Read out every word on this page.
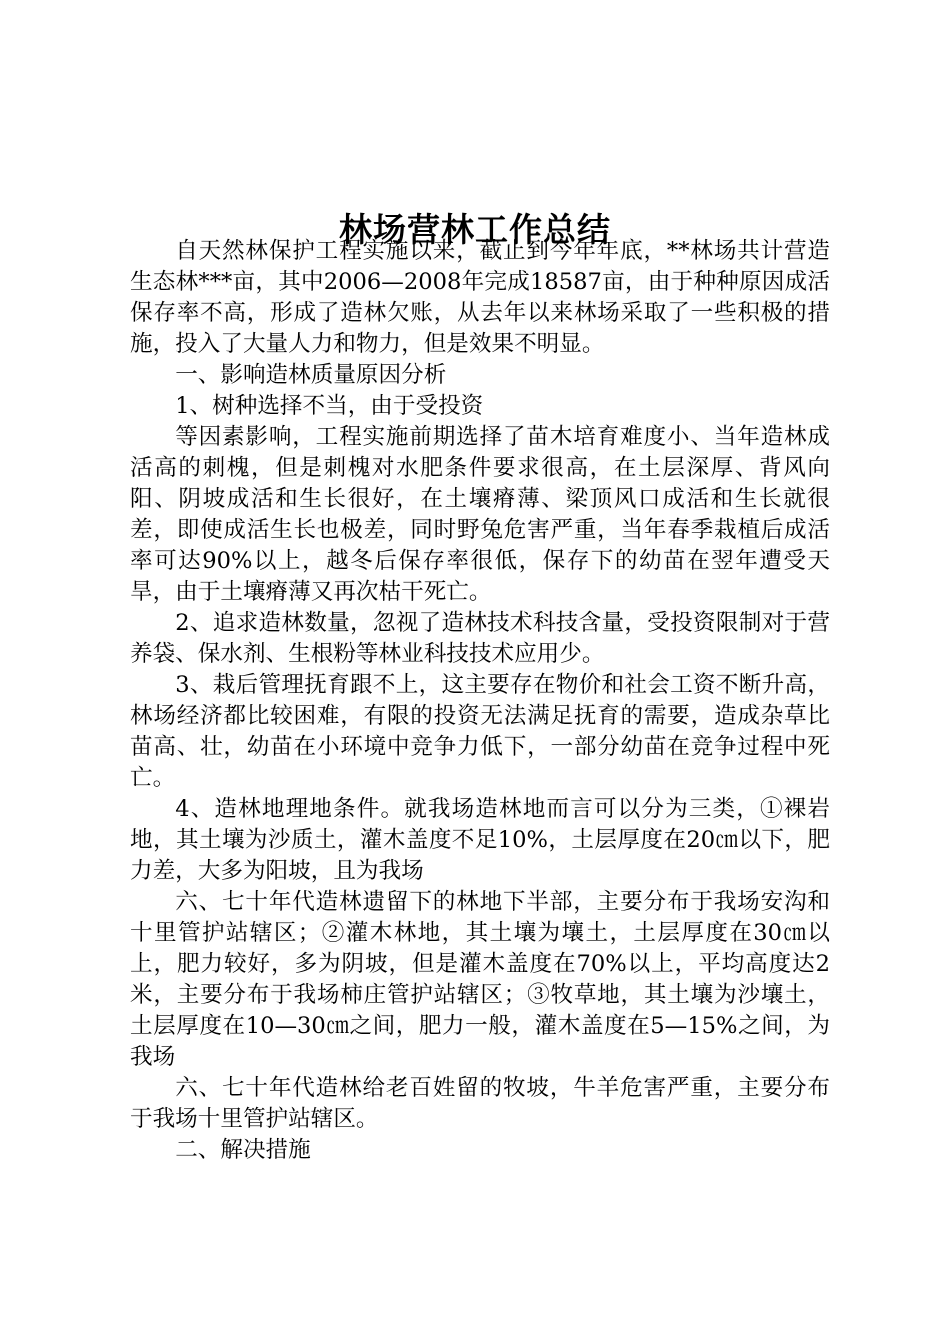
林场营林工作总结

自天然林保护工程实施以来，截止到今年年底，**林场共计营造生态林***亩，其中2006—2008年完成18587亩，由于种种原因成活保存率不高，形成了造林欠账，从去年以来林场采取了一些积极的措施，投入了大量人力和物力，但是效果不明显。

一、影响造林质量原因分析

1、树种选择不当，由于受投资

等因素影响，工程实施前期选择了苗木培育难度小、当年造林成活高的刺槐，但是刺槐对水肥条件要求很高，在土层深厚、背风向阳、阴坡成活和生长很好，在土壤瘠薄、梁顶风口成活和生长就很差，即使成活生长也极差，同时野兔危害严重，当年春季栽植后成活率可达90%以上，越冬后保存率很低，保存下的幼苗在翌年遭受天旱，由于土壤瘠薄又再次枯干死亡。

2、追求造林数量，忽视了造林技术科技含量，受投资限制对于营养袋、保水剂、生根粉等林业科技技术应用少。

3、栽后管理抚育跟不上，这主要存在物价和社会工资不断升高，林场经济都比较困难，有限的投资无法满足抚育的需要，造成杂草比苗高、壮，幼苗在小环境中竞争力低下，一部分幼苗在竞争过程中死亡。

4、造林地理地条件。就我场造林地而言可以分为三类，①裸岩地，其土壤为沙质土，灌木盖度不足10%，土层厚度在20㎝以下，肥力差，大多为阳坡，且为我场

六、七十年代造林遗留下的林地下半部，主要分布于我场安沟和十里管护站辖区；②灌木林地，其土壤为壤土，土层厚度在30㎝以上，肥力较好，多为阴坡，但是灌木盖度在70%以上，平均高度达2米，主要分布于我场柿庄管护站辖区；③牧草地，其土壤为沙壤土，土层厚度在10—30㎝之间，肥力一般，灌木盖度在5—15%之间，为我场

六、七十年代造林给老百姓留的牧坡，牛羊危害严重，主要分布于我场十里管护站辖区。

二、解决措施
